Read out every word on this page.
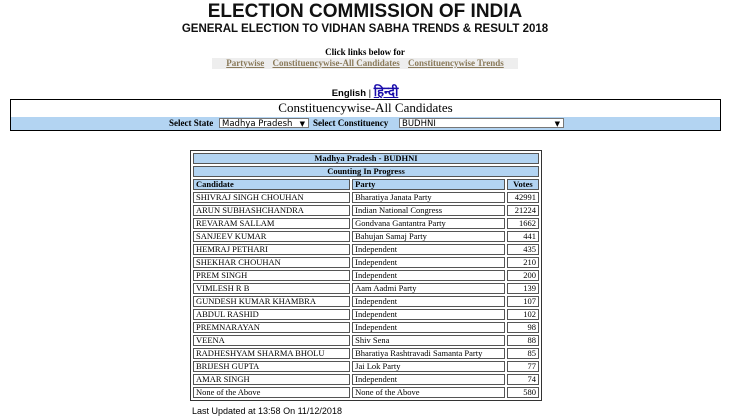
ELECTION COMMISSION OF INDIA
GENERAL ELECTION TO VIDHAN SABHA TRENDS & RESULT 2018
Click links below for
Partywise Constituencywise-All Candidates Constituencywise Trends
English | हिन्दी
Constituencywise-All Candidates
Select State	Madhya Pradesh ▼ Select Constituency	BUDHNI	▼
Madhya Pradesh - BUDHNI		
Counting In Progress		
Candidate	Party	Votes
SHIVRAJ SINGH CHOUHAN	Bharatiya Janata Party	42991
ARUN SUBHASHCHANDRA	Indian National Congress	21224
REVARAM SALLAM	Gondvana Gantantra Party	1662
SANJEEV KUMAR	Bahujan Samaj Party	441
HEMRAJ PETHARI	Independent	435
SHEKHAR CHOUHAN	Independent	210
PREM SINGH	Independent	200
VIMLESH R B	Aam Aadmi Party	139
GUNDESH KUMAR KHAMBRA	Independent	107
ABDUL RASHID	Independent	102
PREMNARAYAN	Independent	98
VEENA	Shiv Sena	88
RADHESHYAM SHARMA BHOLU	Bharatiya Rashtravadi Samanta Party	85
BRIJESH GUPTA	Jai Lok Party	77
AMAR SINGH	Independent	74
None of the Above	None of the Above	580
Last Updated at 13:58 On 11/12/2018
